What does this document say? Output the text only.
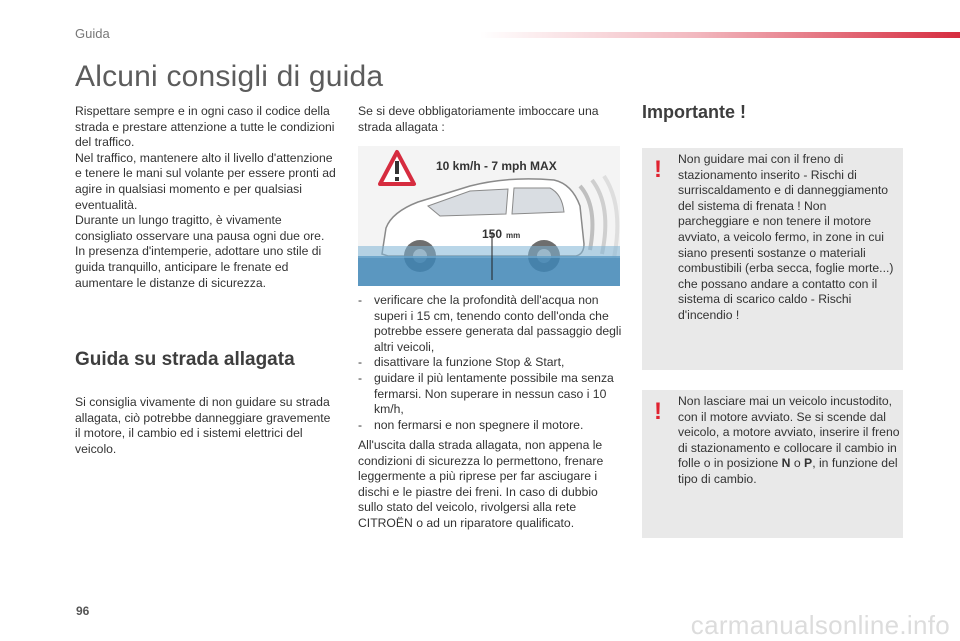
Guida
Alcuni consigli di guida

Rispettare sempre e in ogni caso il codice della strada e prestare attenzione a tutte le condizioni del traffico.

Nel traffico, mantenere alto il livello d'attenzione e tenere le mani sul volante per essere pronti ad agire in qualsiasi momento e per qualsiasi eventualità.

Durante un lungo tragitto, è vivamente consigliato osservare una pausa ogni due ore.

In presenza d'intemperie, adottare uno stile di guida tranquillo, anticipare le frenate ed aumentare le distanze di sicurezza.

Guida su strada allagata

Si consiglia vivamente di non guidare su strada allagata, ciò potrebbe danneggiare gravemente il motore, il cambio ed i sistemi elettrici del veicolo.

Se si deve obbligatoriamente imboccare una strada allagata :

10 km/h - 7 mph MAX
150 mm
- verificare che la profondità dell'acqua non superi i 15 cm, tenendo conto dell'onda che potrebbe essere generata dal passaggio degli altri veicoli,
- disattivare la funzione Stop & Start,
- guidare il più lentamente possibile ma senza fermarsi. Non superare in nessun caso i 10 km/h,
- non fermarsi e non spegnere il motore.

All'uscita dalla strada allagata, non appena le condizioni di sicurezza lo permettono, frenare leggermente a più riprese per far asciugare i dischi e le piastre dei freni. In caso di dubbio sullo stato del veicolo, rivolgersi alla rete CITROËN o ad un riparatore qualificato.

Importante !
! Non guidare mai con il freno di stazionamento inserito - Rischi di surriscaldamento e di danneggiamento del sistema di frenata ! Non parcheggiare e non tenere il motore avviato, a veicolo fermo, in zone in cui siano presenti sostanze o materiali combustibili (erba secca, foglie morte...) che possano andare a contatto con il sistema di scarico caldo - Rischi d'incendio !

! Non lasciare mai un veicolo incustodito, con il motore avviato. Se si scende dal veicolo, a motore avviato, inserire il freno di stazionamento e collocare il cambio in folle o in posizione N o P, in funzione del tipo di cambio.

96	carmanualsonline.info
